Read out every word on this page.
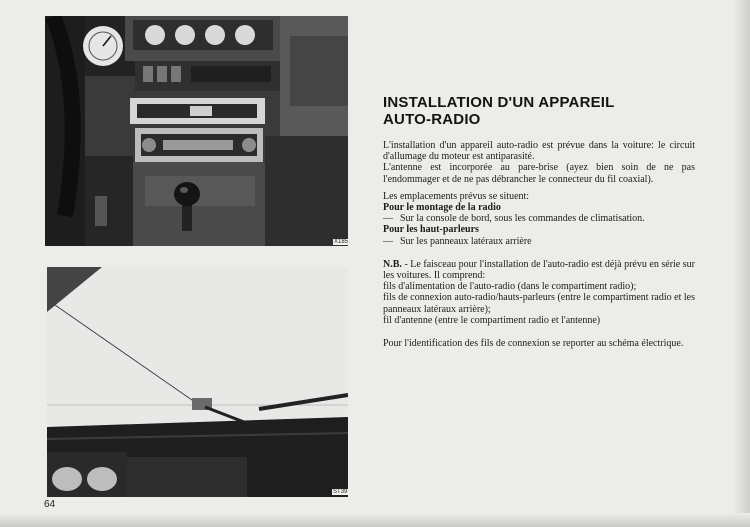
X185
ST39
64
INSTALLATION D'UN APPAREIL
AUTO-RADIO

L'installation d'un appareil auto-radio est prévue dans la voiture: le circuit d'allumage du moteur est antiparasité.

L'antenne est incorporée au pare-brise (ayez bien soin de ne pas l'endommager et de ne pas débrancher le connecteur du fil coaxial).

Les emplacements prévus se situent:

Pour le montage de la radio

— Sur la console de bord, sous les commandes de climatisation.

Pour les haut-parleurs

— Sur les panneaux latéraux arrière

N.B. - Le faisceau pour l'installation de l'auto-radio est déjà prévu en série sur les voitures. Il comprend:

fils d'alimentation de l'auto-radio (dans le compartiment radio);

fils de connexion auto-radio/hauts-parleurs (entre le compartiment radio et les panneaux latéraux arrière);

fil d'antenne (entre le compartiment radio et l'antenne)

Pour l'identification des fils de connexion se reporter au schéma électrique.
